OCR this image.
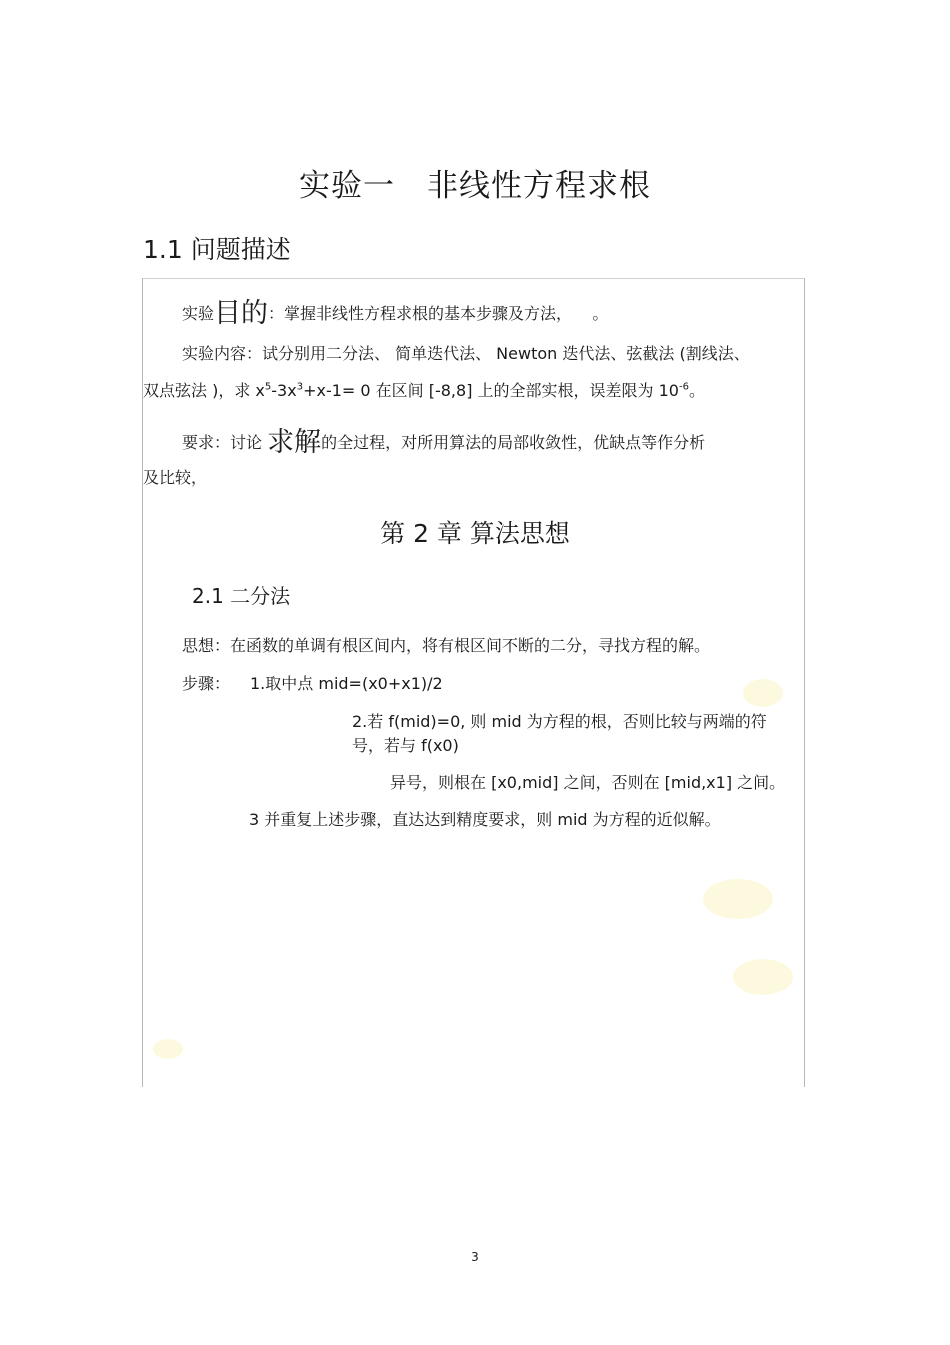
实验一 非线性方程求根
1.1 问题描述
实验目的：掌握非线性方程求根的基本步骤及方法， 。
实验内容：试分别用二分法、 简单迭代法、 Newton 迭代法、弦截法 (割线法、
双点弦法 )，求 $x^5-3x^3+x-1= 0$ 在区间 [-8,8] 上的全部实根，误差限为 $10^{-6}$。
要求：讨论 求解的全过程，对所用算法的局部收敛性，优缺点等作分析
及比较，
第 2 章 算法思想
2.1 二分法
思想：在函数的单调有根区间内，将有根区间不断的二分，寻找方程的解。
步骤： 1.取中点 mid=(x0+x1)/2
2.若 f(mid)=0, 则 mid 为方程的根，否则比较与两端的符
号，若与 f(x0)
异号，则根在 [x0,mid] 之间，否则在 [mid,x1] 之间。
3 并重复上述步骤，直达达到精度要求，则 mid 为方程的近似解。
3
